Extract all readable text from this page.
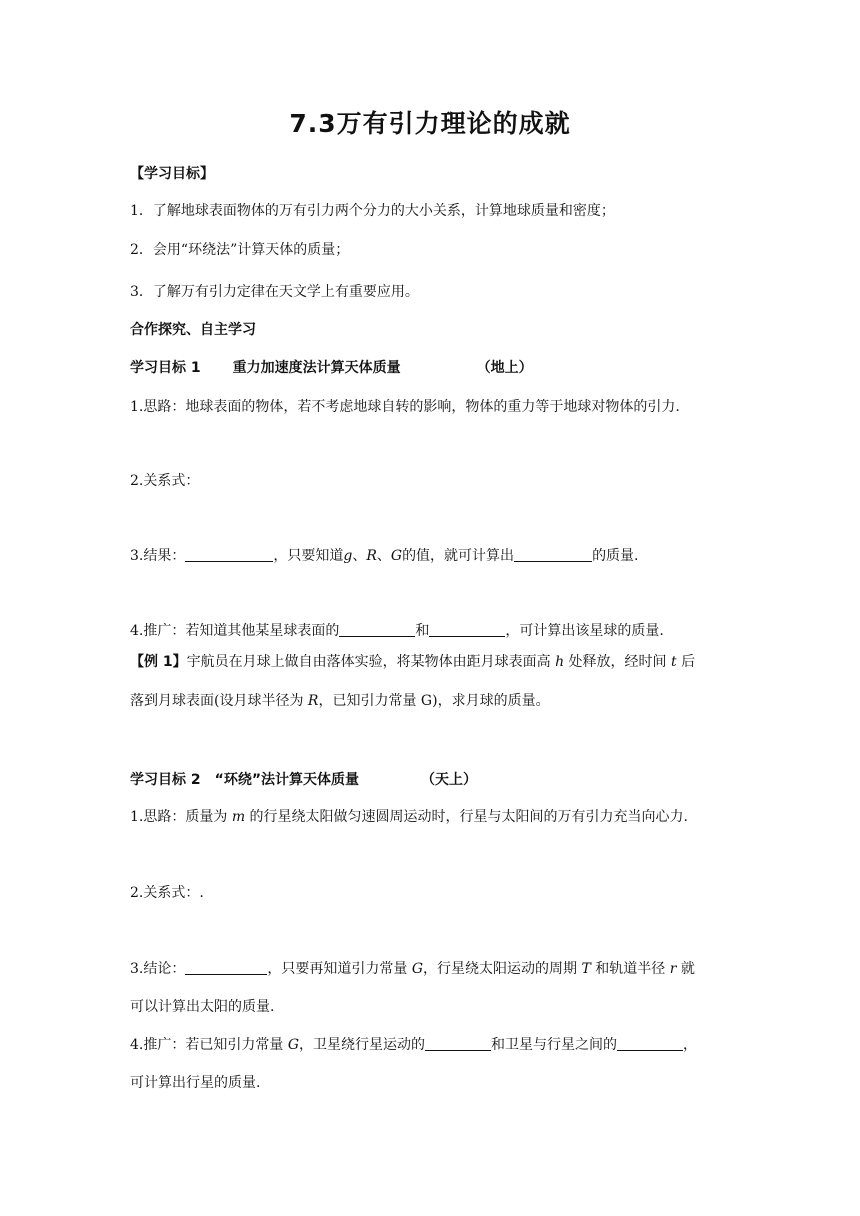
7.3万有引力理论的成就
【学习目标】
1．了解地球表面物体的万有引力两个分力的大小关系，计算地球质量和密度；
2．会用“环绕法”计算天体的质量；
3．了解万有引力定律在天文学上有重要应用。
合作探究、自主学习
学习目标 1 重力加速度法计算天体质量	（地上）
1.思路：地球表面的物体，若不考虑地球自转的影响，物体的重力等于地球对物体的引力.
2.关系式：
3.结果：	，只要知道g、R、G的值，就可计算出	的质量.
4.推广：若知道其他某星球表面的	和	，可计算出该星球的质量.
【例 1】宇航员在月球上做自由落体实验，将某物体由距月球表面高 h 处释放，经时间 t 后
落到月球表面(设月球半径为 R，已知引力常量 G)，求月球的质量。
学习目标 2 “环绕”法计算天体质量	（天上）
1.思路：质量为 m 的行星绕太阳做匀速圆周运动时，行星与太阳间的万有引力充当向心力.
2.关系式：.
3.结论：	，只要再知道引力常量 G，行星绕太阳运动的周期 T 和轨道半径 r 就
可以计算出太阳的质量.
4.推广：若已知引力常量 G，卫星绕行星运动的	和卫星与行星之间的	，
可计算出行星的质量.
